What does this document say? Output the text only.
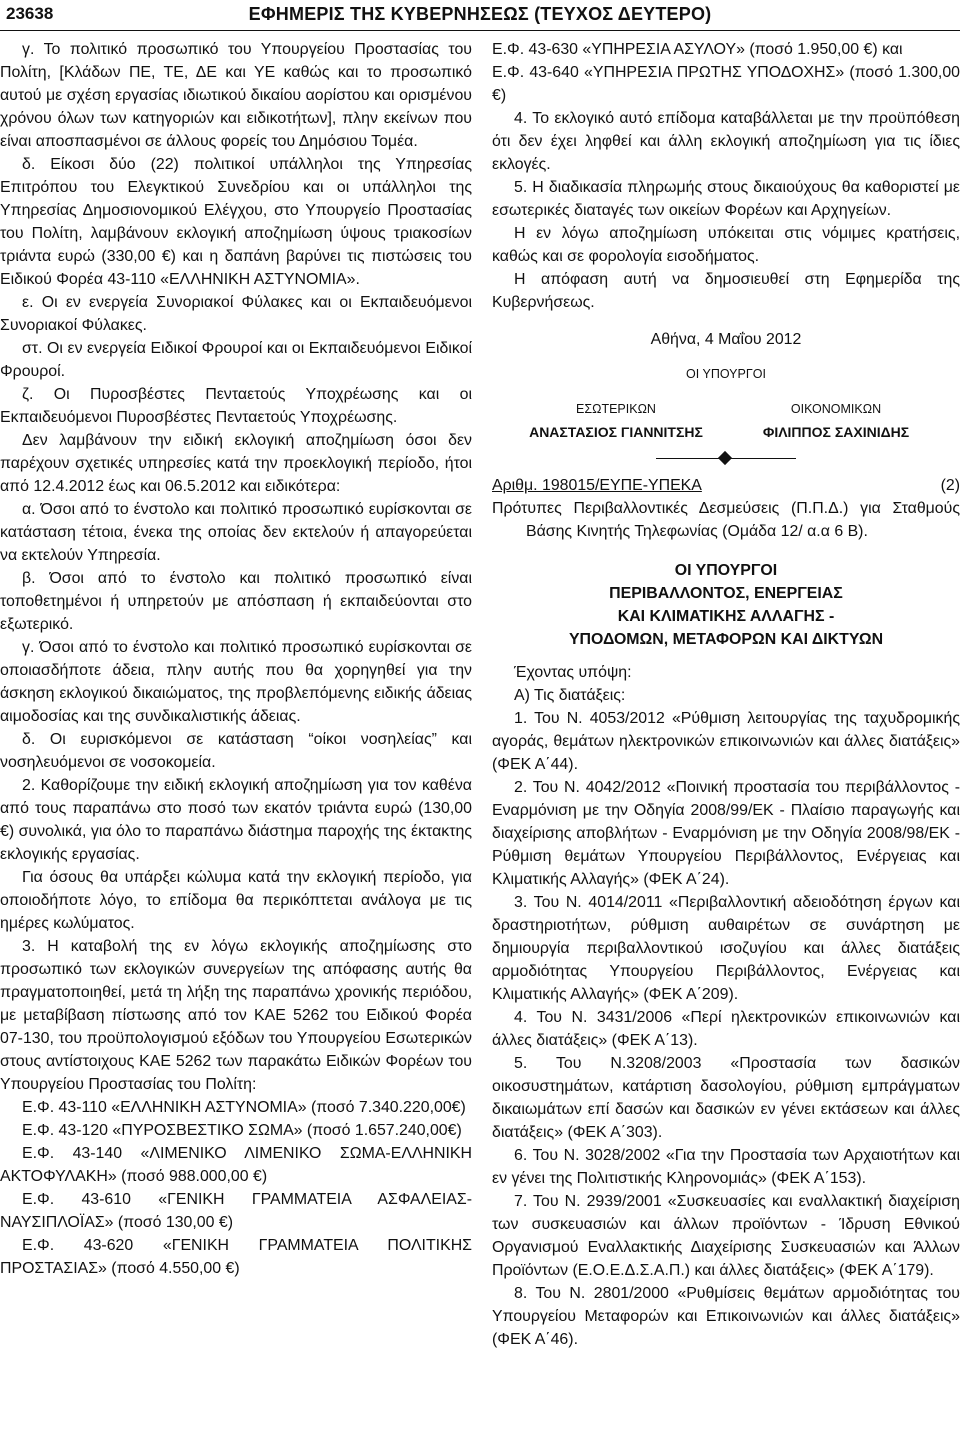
23638	ΕΦΗΜΕΡΙΣ ΤΗΣ ΚΥΒΕΡΝΗΣΕΩΣ (ΤΕΥΧΟΣ ΔΕΥΤΕΡΟ)

γ. Το πολιτικό προσωπικό του Υπουργείου Προστασίας του Πολίτη, [Κλάδων ΠΕ, ΤΕ, ΔΕ και ΥΕ καθώς και το προσωπικό αυτού με σχέση εργασίας ιδιωτικού δικαίου αορίστου και ορισμένου χρόνου όλων των κατηγοριών και ειδικοτήτων], πλην εκείνων που είναι αποσπασμένοι σε άλλους φορείς του Δημόσιου Τομέα.

δ. Είκοσι δύο (22) πολιτικοί υπάλληλοι της Υπηρεσίας Επιτρόπου του Ελεγκτικού Συνεδρίου και οι υπάλληλοι της Υπηρεσίας Δημοσιονομικού Ελέγχου, στο Υπουργείο Προστασίας του Πολίτη, λαμβάνουν εκλογική αποζημίωση ύψους τριακοσίων τριάντα ευρώ (330,00 €) και η δαπάνη βαρύνει τις πιστώσεις του Ειδικού Φορέα 43-110 «ΕΛΛΗΝΙΚΗ ΑΣΤΥΝΟΜΙΑ».

ε. Οι εν ενεργεία Συνοριακοί Φύλακες και οι Εκπαιδευόμενοι Συνοριακοί Φύλακες.

στ. Οι εν ενεργεία Ειδικοί Φρουροί και οι Εκπαιδευόμενοι Ειδικοί Φρουροί.

ζ. Οι Πυροσβέστες Πενταετούς Υποχρέωσης και οι Εκπαιδευόμενοι Πυροσβέστες Πενταετούς Υποχρέωσης.

Δεν λαμβάνουν την ειδική εκλογική αποζημίωση όσοι δεν παρέχουν σχετικές υπηρεσίες κατά την προεκλογική περίοδο, ήτοι από 12.4.2012 έως και 06.5.2012 και ειδικότερα:

α. Όσοι από το ένστολο και πολιτικό προσωπικό ευρίσκονται σε κατάσταση τέτοια, ένεκα της οποίας δεν εκτελούν ή απαγορεύεται να εκτελούν Υπηρεσία.

β. Όσοι από το ένστολο και πολιτικό προσωπικό είναι τοποθετημένοι ή υπηρετούν με απόσπαση ή εκπαιδεύονται στο εξωτερικό.

γ. Όσοι από το ένστολο και πολιτικό προσωπικό ευρίσκονται σε οποιασδήποτε άδεια, πλην αυτής που θα χορηγηθεί για την άσκηση εκλογικού δικαιώματος, της προβλεπόμενης ειδικής άδειας αιμοδοσίας και της συνδικαλιστικής άδειας.

δ. Οι ευρισκόμενοι σε κατάσταση “οίκοι νοσηλείας” και νοσηλευόμενοι σε νοσοκομεία.

2. Καθορίζουμε την ειδική εκλογική αποζημίωση για τον καθένα από τους παραπάνω στο ποσό των εκατόν τριάντα ευρώ (130,00 €) συνολικά, για όλο το παραπάνω διάστημα παροχής της έκτακτης εκλογικής εργασίας.

Για όσους θα υπάρξει κώλυμα κατά την εκλογική περίοδο, για οποιοδήποτε λόγο, το επίδομα θα περικόπτεται ανάλογα με τις ημέρες κωλύματος.

3. Η καταβολή της εν λόγω εκλογικής αποζημίωσης στο προσωπικό των εκλογικών συνεργείων της απόφασης αυτής θα πραγματοποιηθεί, μετά τη λήξη της παραπάνω χρονικής περιόδου, με μεταβίβαση πίστωσης από τον ΚΑΕ 5262 του Ειδικού Φορέα 07-130, του προϋπολογισμού εξόδων του Υπουργείου Εσωτερικών στους αντίστοιχους ΚΑΕ 5262 των παρακάτω Ειδικών Φορέων του Υπουργείου Προστασίας του Πολίτη:

Ε.Φ. 43-110 «ΕΛΛΗΝΙΚΗ ΑΣΤΥΝΟΜΙΑ» (ποσό 7.340.220,00€)

Ε.Φ. 43-120 «ΠΥΡΟΣΒΕΣΤΙΚΟ ΣΩΜΑ» (ποσό 1.657.240,00€)

Ε.Φ. 43-140 «ΛΙΜΕΝΙΚΟ ΛΙΜΕΝΙΚΟ ΣΩΜΑ-ΕΛΛΗΝΙΚΗ ΑΚΤΟΦΥΛΑΚΗ» (ποσό 988.000,00 €)

Ε.Φ. 43-610 «ΓΕΝΙΚΗ ΓΡΑΜΜΑΤΕΙΑ ΑΣΦΑΛΕΙΑΣ-ΝΑΥΣΙΠΛΟΪΑΣ» (ποσό 130,00 €)

Ε.Φ. 43-620 «ΓΕΝΙΚΗ ΓΡΑΜΜΑΤΕΙΑ ΠΟΛΙΤΙΚΗΣ ΠΡΟΣΤΑΣΙΑΣ» (ποσό 4.550,00 €)

Ε.Φ. 43-630 «ΥΠΗΡΕΣΙΑ ΑΣΥΛΟΥ» (ποσό 1.950,00 €) και

Ε.Φ. 43-640 «ΥΠΗΡΕΣΙΑ ΠΡΩΤΗΣ ΥΠΟΔΟΧΗΣ» (ποσό 1.300,00 €)

4. Το εκλογικό αυτό επίδομα καταβάλλεται με την προϋπόθεση ότι δεν έχει ληφθεί και άλλη εκλογική αποζημίωση για τις ίδιες εκλογές.

5. Η διαδικασία πληρωμής στους δικαιούχους θα καθοριστεί με εσωτερικές διαταγές των οικείων Φορέων και Αρχηγείων.

Η εν λόγω αποζημίωση υπόκειται στις νόμιμες κρατήσεις, καθώς και σε φορολογία εισοδήματος.

Η απόφαση αυτή να δημοσιευθεί στη Εφημερίδα της Κυβερνήσεως.

Αθήνα, 4 Μαΐου 2012
ΟΙ ΥΠΟΥΡΓΟΙ
ΕΣΩΤΕΡΙΚΩΝ	ΟΙΚΟΝΟΜΙΚΩΝ
ΑΝΑΣΤΑΣΙΟΣ ΓΙΑΝΝΙΤΣΗΣ	ΦΙΛΙΠΠΟΣ ΣΑΧΙΝΙΔΗΣ
Αριθμ. 198015/ΕΥΠΕ-ΥΠΕΚΑ	(2)

Πρότυπες Περιβαλλοντικές Δεσμεύσεις (Π.Π.Δ.) για Σταθμούς Βάσης Κινητής Τηλεφωνίας (Ομάδα 12/ α.α 6 Β).

ΟΙ ΥΠΟΥΡΓΟΙ
ΠΕΡΙΒΑΛΛΟΝΤΟΣ, ΕΝΕΡΓΕΙΑΣ
ΚΑΙ ΚΛΙΜΑΤΙΚΗΣ ΑΛΛΑΓΗΣ -
ΥΠΟΔΟΜΩΝ, ΜΕΤΑΦΟΡΩΝ ΚΑΙ ΔΙΚΤΥΩΝ

Έχοντας υπόψη:

Α) Τις διατάξεις:

1. Του Ν. 4053/2012 «Ρύθμιση λειτουργίας της ταχυδρομικής αγοράς, θεμάτων ηλεκτρονικών επικοινωνιών και άλλες διατάξεις» (ΦΕΚ Α΄44).

2. Του Ν. 4042/2012 «Ποινική προστασία του περιβάλλοντος - Εναρμόνιση με την Οδηγία 2008/99/ΕΚ - Πλαίσιο παραγωγής και διαχείρισης αποβλήτων - Εναρμόνιση με την Οδηγία 2008/98/ΕΚ - Ρύθμιση θεμάτων Υπουργείου Περιβάλλοντος, Ενέργειας και Κλιματικής Αλλαγής» (ΦΕΚ Α΄24).

3. Του Ν. 4014/2011 «Περιβαλλοντική αδειοδότηση έργων και δραστηριοτήτων, ρύθμιση αυθαιρέτων σε συνάρτηση με δημιουργία περιβαλλοντικού ισοζυγίου και άλλες διατάξεις αρμοδιότητας Υπουργείου Περιβάλλοντος, Ενέργειας και Κλιματικής Αλλαγής» (ΦΕΚ Α΄209).

4. Του Ν. 3431/2006 «Περί ηλεκτρονικών επικοινωνιών και άλλες διατάξεις» (ΦΕΚ Α΄13).

5. Του Ν.3208/2003 «Προστασία των δασικών οικοσυστημάτων, κατάρτιση δασολογίου, ρύθμιση εμπράγματων δικαιωμάτων επί δασών και δασικών εν γένει εκτάσεων και άλλες διατάξεις» (ΦΕΚ Α΄303).

6. Του Ν. 3028/2002 «Για την Προστασία των Αρχαιοτήτων και εν γένει της Πολιτιστικής Κληρονομιάς» (ΦΕΚ Α΄153).

7. Του Ν. 2939/2001 «Συσκευασίες και εναλλακτική διαχείριση των συσκευασιών και άλλων προϊόντων - Ίδρυση Εθνικού Οργανισμού Εναλλακτικής Διαχείρισης Συσκευασιών και Άλλων Προϊόντων (Ε.Ο.Ε.Δ.Σ.Α.Π.) και άλλες διατάξεις» (ΦΕΚ Α΄179).

8. Του Ν. 2801/2000 «Ρυθμίσεις θεμάτων αρμοδιότητας του Υπουργείου Μεταφορών και Επικοινωνιών και άλλες διατάξεις» (ΦΕΚ Α΄46).
